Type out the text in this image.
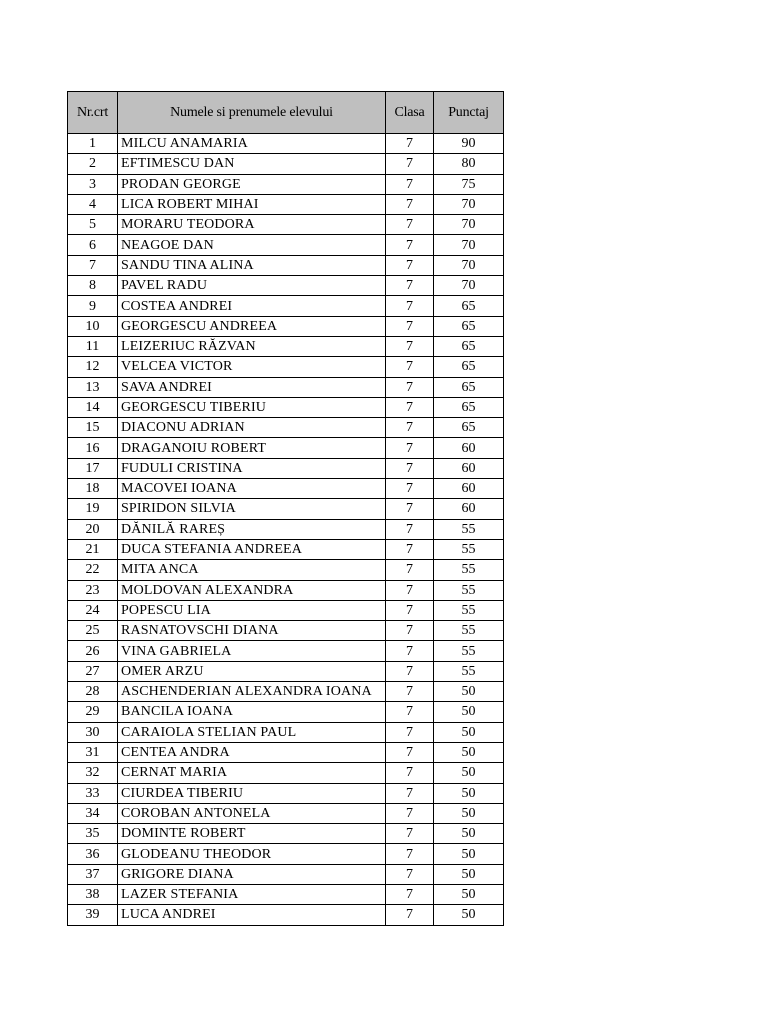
Nr.crt	Numele si prenumele elevului	Clasa	Punctaj
1	MILCU ANAMARIA	7	90
2	EFTIMESCU DAN	7	80
3	PRODAN GEORGE	7	75
4	LICA ROBERT MIHAI	7	70
5	MORARU TEODORA	7	70
6	NEAGOE DAN	7	70
7	SANDU TINA ALINA	7	70
8	PAVEL RADU	7	70
9	COSTEA ANDREI	7	65
10	GEORGESCU ANDREEA	7	65
11	LEIZERIUC RĂZVAN	7	65
12	VELCEA VICTOR	7	65
13	SAVA ANDREI	7	65
14	GEORGESCU TIBERIU	7	65
15	DIACONU ADRIAN	7	65
16	DRAGANOIU ROBERT	7	60
17	FUDULI CRISTINA	7	60
18	MACOVEI IOANA	7	60
19	SPIRIDON SILVIA	7	60
20	DĂNILĂ RAREȘ	7	55
21	DUCA STEFANIA ANDREEA	7	55
22	MITA ANCA	7	55
23	MOLDOVAN ALEXANDRA	7	55
24	POPESCU LIA	7	55
25	RASNATOVSCHI DIANA	7	55
26	VINA GABRIELA	7	55
27	OMER ARZU	7	55
28	ASCHENDERIAN ALEXANDRA IOANA	7	50
29	BANCILA IOANA	7	50
30	CARAIOLA STELIAN PAUL	7	50
31	CENTEA ANDRA	7	50
32	CERNAT MARIA	7	50
33	CIURDEA TIBERIU	7	50
34	COROBAN ANTONELA	7	50
35	DOMINTE ROBERT	7	50
36	GLODEANU THEODOR	7	50
37	GRIGORE DIANA	7	50
38	LAZER STEFANIA	7	50
39	LUCA ANDREI	7	50
